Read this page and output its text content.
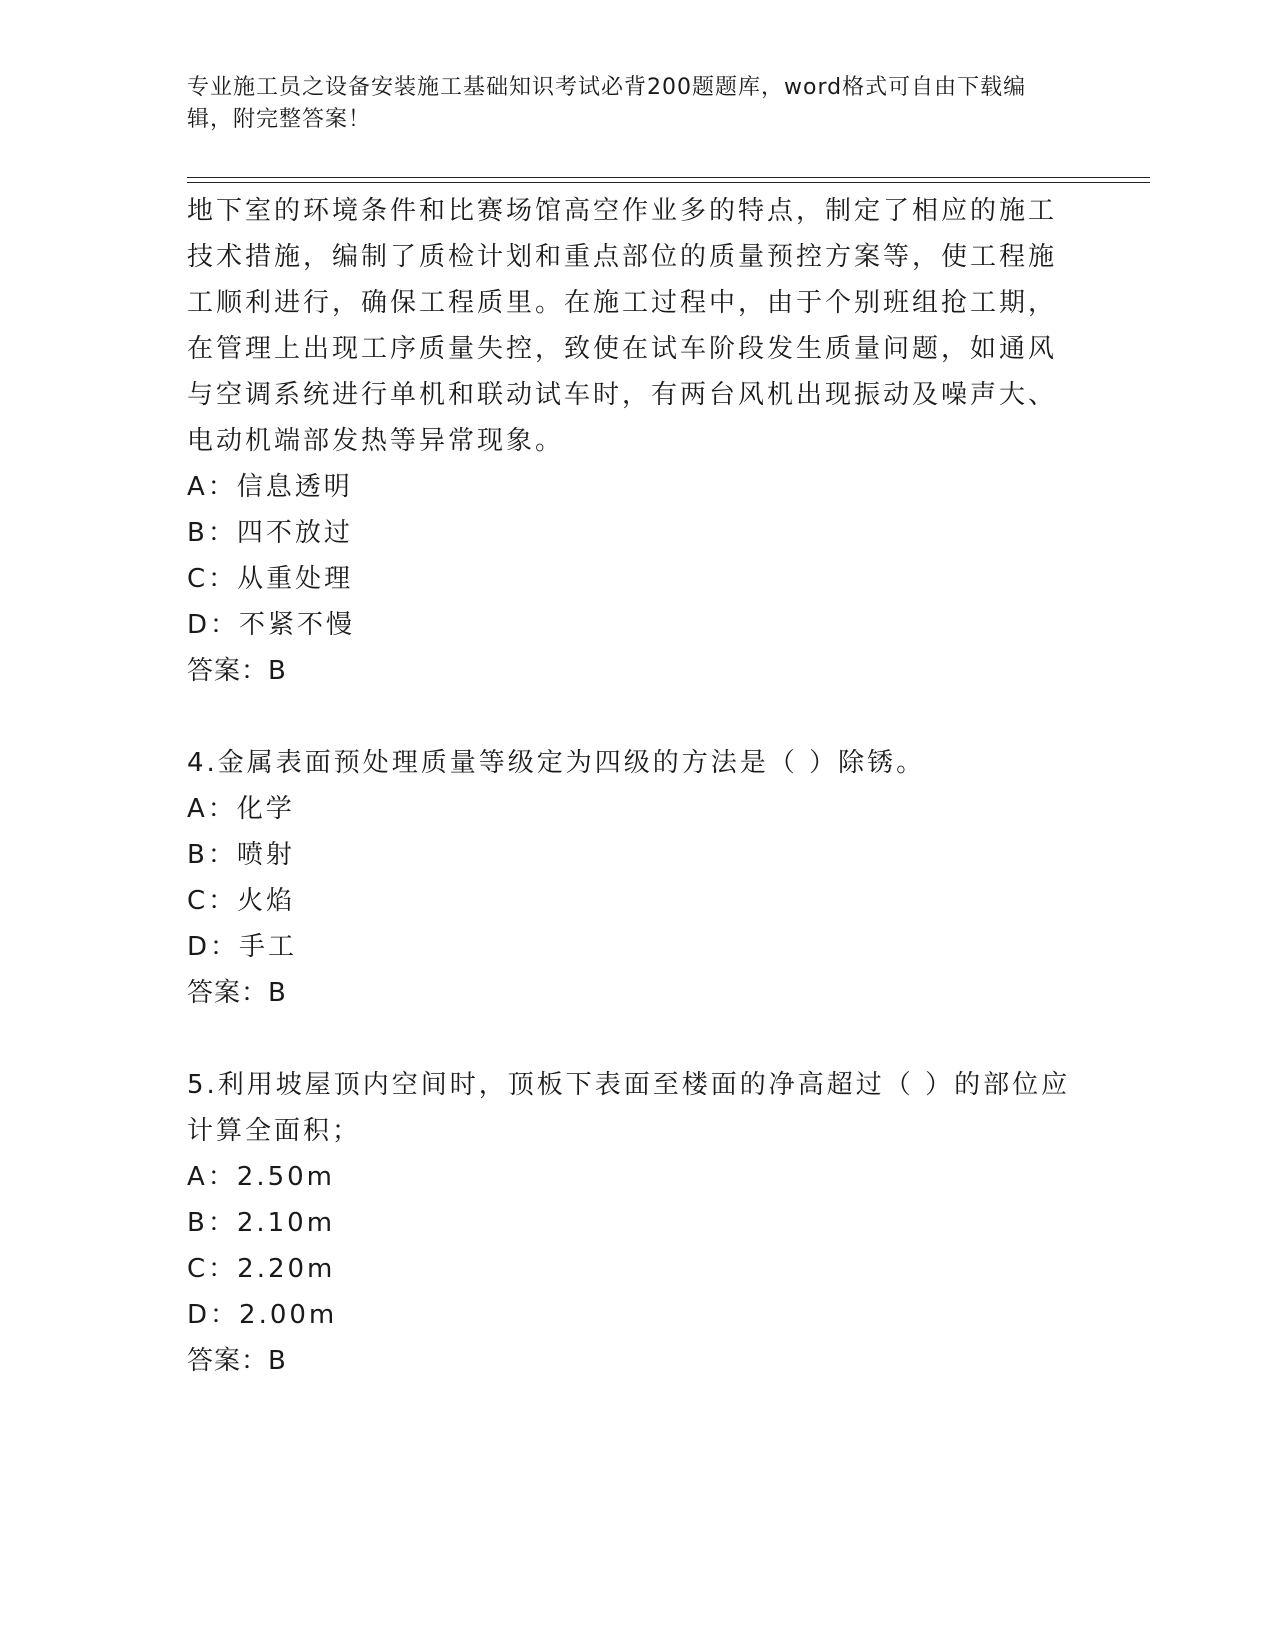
专业施工员之设备安装施工基础知识考试必背200题题库，word格式可自由下载编辑，附完整答案！

地下室的环境条件和比赛场馆高空作业多的特点，制定了相应的施工

技术措施，编制了质检计划和重点部位的质量预控方案等，使工程施

工顺利进行，确保工程质里。在施工过程中，由于个别班组抢工期，

在管理上出现工序质量失控，致使在试车阶段发生质量问题，如通风

与空调系统进行单机和联动试车时，有两台风机出现振动及噪声大、

电动机端部发热等异常现象。

A：信息透明

B：四不放过

C：从重处理

D：不紧不慢

答案：B

4.金属表面预处理质量等级定为四级的方法是（ ）除锈。

A：化学

B：喷射

C：火焰

D：手工

答案：B

5.利用坡屋顶内空间时，顶板下表面至楼面的净高超过（ ）的部位应

计算全面积；

A：2.50m

B：2.10m

C：2.20m

D：2.00m

答案：B
